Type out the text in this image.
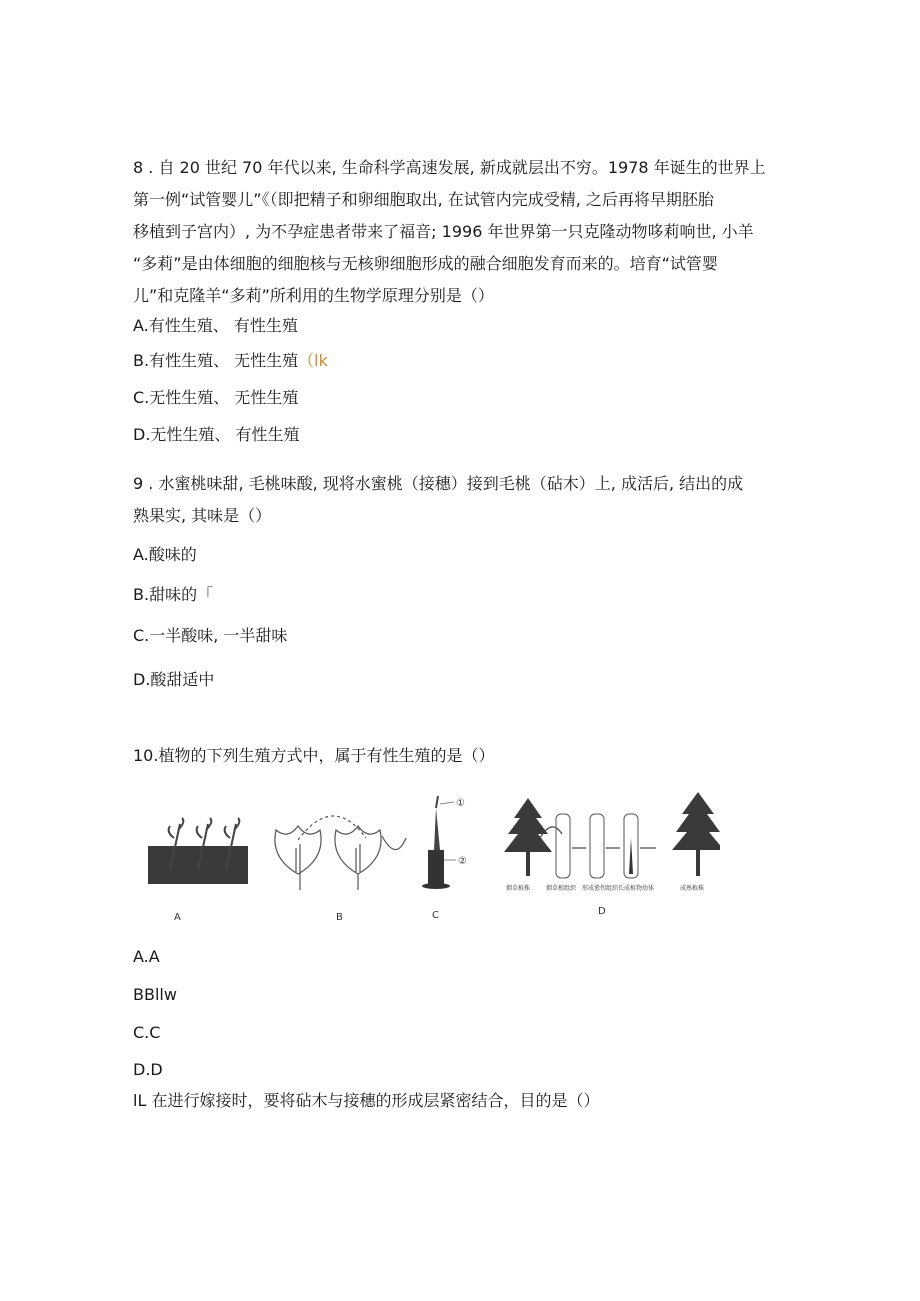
8 . 自 20 世纪 70 年代以来, 生命科学高速发展, 新成就层出不穷。1978 年诞生的世界上
第一例“试管婴儿”《（即把精子和卵细胞取出, 在试管内完成受精, 之后再将早期胚胎
移植到子宫内）, 为不孕症患者带来了福音; 1996 年世界第一只克隆动物哆莉响世, 小羊
“多莉”是由体细胞的细胞核与无核卵细胞形成的融合细胞发育而来的。培育“试管婴
儿”和克隆羊“多莉”所利用的生物学原理分别是（）
A.有性生殖、 有性生殖
B.有性生殖、 无性生殖（lk
C.无性生殖、 无性生殖
D.无性生殖、 有性生殖
9 . 水蜜桃味甜, 毛桃味酸, 现将水蜜桃（接穗）接到毛桃（砧木）上, 成活后, 结出的成
熟果实, 其味是（）
A.酸味的
B.甜味的「
C.一半酸味, 一半甜味
D.酸甜适中
10.植物的下列生殖方式中，属于有性生殖的是（）
A	B
①
②
C
烟草植株	烟草根组织 形成愈伤组织 长成植物幼体	成熟植株
D
A.A
BBllw
C.C
D.D
lL 在进行嫁接时，要将砧木与接穗的形成层紧密结合，目的是（）
